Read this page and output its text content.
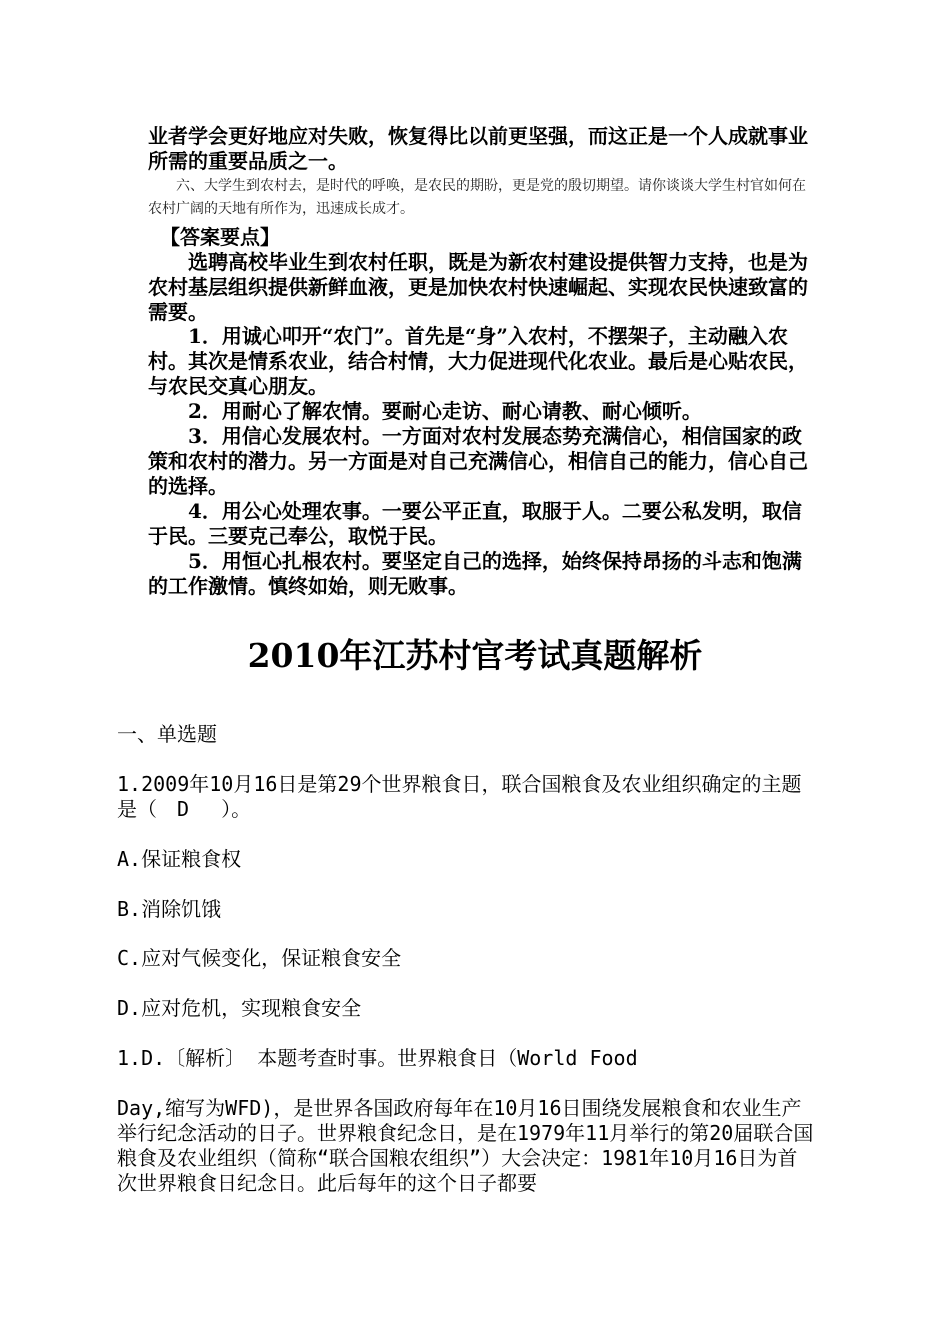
业者学会更好地应对失败，恢复得比以前更坚强，而这正是一个人成就事业所需的重要品质之一。

六、大学生到农村去，是时代的呼唤，是农民的期盼，更是党的殷切期望。请你谈谈大学生村官如何在农村广阔的天地有所作为，迅速成长成才。

【答案要点】

选聘高校毕业生到农村任职，既是为新农村建设提供智力支持，也是为农村基层组织提供新鲜血液，更是加快农村快速崛起、实现农民快速致富的需要。

1．用诚心叩开“农门”。首先是“身”入农村，不摆架子，主动融入农村。其次是情系农业，结合村情，大力促进现代化农业。最后是心贴农民，与农民交真心朋友。

2．用耐心了解农情。要耐心走访、耐心请教、耐心倾听。

3．用信心发展农村。一方面对农村发展态势充满信心，相信国家的政策和农村的潜力。另一方面是对自己充满信心，相信自己的能力，信心自己的选择。

4．用公心处理农事。一要公平正直，取服于人。二要公私发明，取信于民。三要克己奉公，取悦于民。

5．用恒心扎根农村。要坚定自己的选择，始终保持昂扬的斗志和饱满的工作激情。慎终如始，则无败事。

2010年江苏村官考试真题解析

一、单选题

1.2009年10月16日是第29个世界粮食日，联合国粮食及农业组织确定的主题是（　D　 ）。

A.保证粮食权

B.消除饥饿

C.应对气候变化，保证粮食安全

D.应对危机，实现粮食安全

1.D.〔解析〕 本题考查时事。世界粮食日（World Food

Day,缩写为WFD)，是世界各国政府每年在10月16日围绕发展粮食和农业生产举行纪念活动的日子。世界粮食纪念日，是在1979年11月举行的第20届联合国粮食及农业组织（简称“联合国粮农组织”）大会决定：1981年10月16日为首次世界粮食日纪念日。此后每年的这个日子都要
